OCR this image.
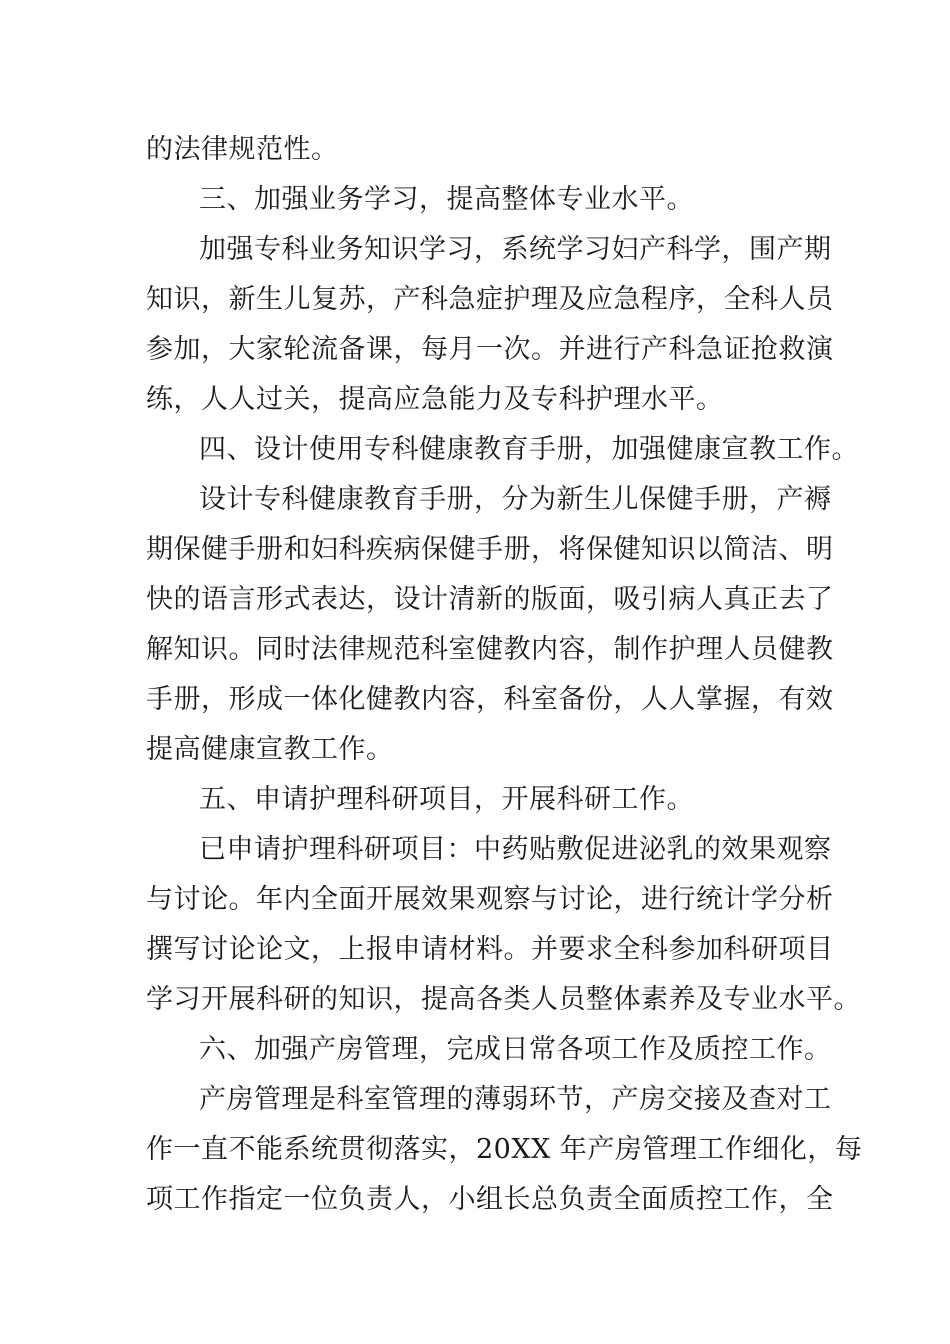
的法律规范性。
三、加强业务学习，提高整体专业水平。
加强专科业务知识学习，系统学习妇产科学，围产期
知识，新生儿复苏，产科急症护理及应急程序，全科人员
参加，大家轮流备课，每月一次。并进行产科急证抢救演
练，人人过关，提高应急能力及专科护理水平。
四、设计使用专科健康教育手册，加强健康宣教工作。
设计专科健康教育手册，分为新生儿保健手册，产褥
期保健手册和妇科疾病保健手册，将保健知识以简洁、明
快的语言形式表达，设计清新的版面，吸引病人真正去了
解知识。同时法律规范科室健教内容，制作护理人员健教
手册，形成一体化健教内容，科室备份，人人掌握，有效
提高健康宣教工作。
五、申请护理科研项目，开展科研工作。
已申请护理科研项目：中药贴敷促进泌乳的效果观察
与讨论。年内全面开展效果观察与讨论，进行统计学分析
撰写讨论论文，上报申请材料。并要求全科参加科研项目
学习开展科研的知识，提高各类人员整体素养及专业水平。
六、加强产房管理，完成日常各项工作及质控工作。
产房管理是科室管理的薄弱环节，产房交接及查对工
作一直不能系统贯彻落实，20XX 年产房管理工作细化，每
项工作指定一位负责人，小组长总负责全面质控工作，全
